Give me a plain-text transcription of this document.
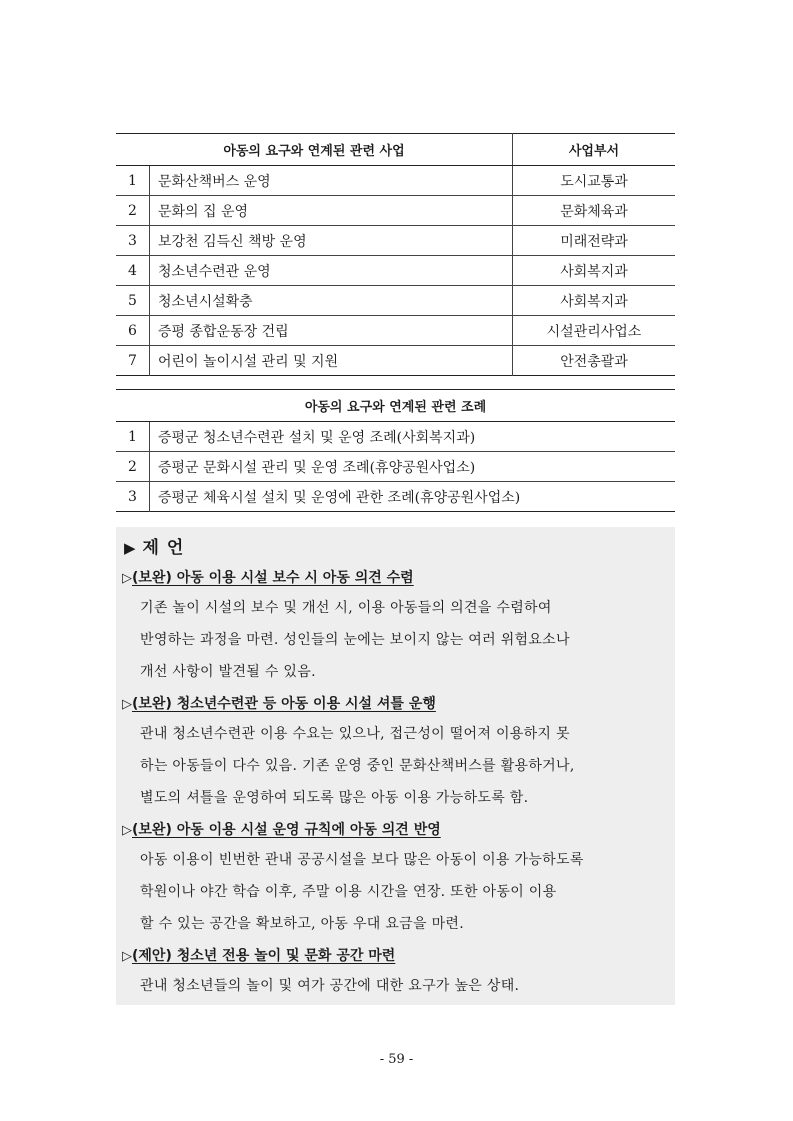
아동의 요구와 연계된 관련 사업		사업부서
1	문화산책버스 운영	도시교통과
2	문화의 집 운영	문화체육과
3	보강천 김득신 책방 운영	미래전략과
4	청소년수련관 운영	사회복지과
5	청소년시설확충	사회복지과
6	증평 종합운동장 건립	시설관리사업소
7	어린이 놀이시설 관리 및 지원	안전총괄과
아동의 요구와 연계된 관련 조례	
1	증평군 청소년수련관 설치 및 운영 조례(사회복지과)
2	증평군 문화시설 관리 및 운영 조례(휴양공원사업소)
3	증평군 체육시설 설치 및 운영에 관한 조례(휴양공원사업소)
▶ 제 언
▷(보완) 아동 이용 시설 보수 시 아동 의견 수렴
기존 놀이 시설의 보수 및 개선 시, 이용 아동들의 의견을 수렴하여
반영하는 과정을 마련. 성인들의 눈에는 보이지 않는 여러 위험요소나
개선 사항이 발견될 수 있음.
▷(보완) 청소년수련관 등 아동 이용 시설 셔틀 운행
관내 청소년수련관 이용 수요는 있으나, 접근성이 떨어져 이용하지 못
하는 아동들이 다수 있음. 기존 운영 중인 문화산책버스를 활용하거나,
별도의 셔틀을 운영하여 되도록 많은 아동 이용 가능하도록 함.
▷(보완) 아동 이용 시설 운영 규칙에 아동 의견 반영
아동 이용이 빈번한 관내 공공시설을 보다 많은 아동이 이용 가능하도록
학원이나 야간 학습 이후, 주말 이용 시간을 연장. 또한 아동이 이용
할 수 있는 공간을 확보하고, 아동 우대 요금을 마련.
▷(제안) 청소년 전용 놀이 및 문화 공간 마련
관내 청소년들의 놀이 및 여가 공간에 대한 요구가 높은 상태.
- 59 -
